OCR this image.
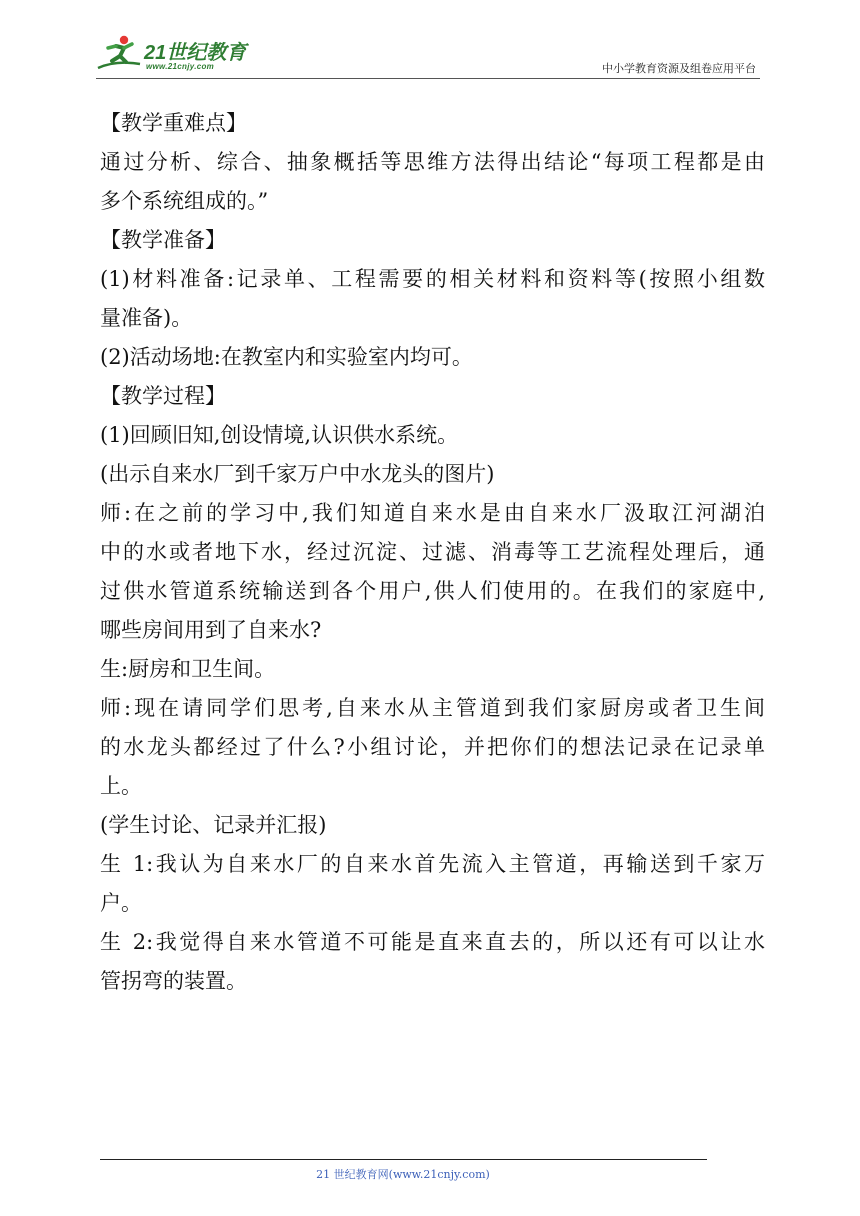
21世纪教育
www.21cnjy.com	中小学教育资源及组卷应用平台
【教学重难点】
通过分析、综合、抽象概括等思维方法得出结论“每项工程都是由
多个系统组成的。”
【教学准备】
(1)材料准备:记录单、工程需要的相关材料和资料等(按照小组数
量准备)。
(2)活动场地:在教室内和实验室内均可。
【教学过程】
(1)回顾旧知,创设情境,认识供水系统。
(出示自来水厂到千家万户中水龙头的图片)
师:在之前的学习中,我们知道自来水是由自来水厂汲取江河湖泊
中的水或者地下水，经过沉淀、过滤、消毒等工艺流程处理后，通
过供水管道系统输送到各个用户,供人们使用的。在我们的家庭中,
哪些房间用到了自来水?
生:厨房和卫生间。
师:现在请同学们思考,自来水从主管道到我们家厨房或者卫生间
的水龙头都经过了什么?小组讨论，并把你们的想法记录在记录单
上。
(学生讨论、记录并汇报)
生 1:我认为自来水厂的自来水首先流入主管道，再输送到千家万
户。
生 2:我觉得自来水管道不可能是直来直去的，所以还有可以让水
管拐弯的装置。
21 世纪教育网(www.21cnjy.com)
